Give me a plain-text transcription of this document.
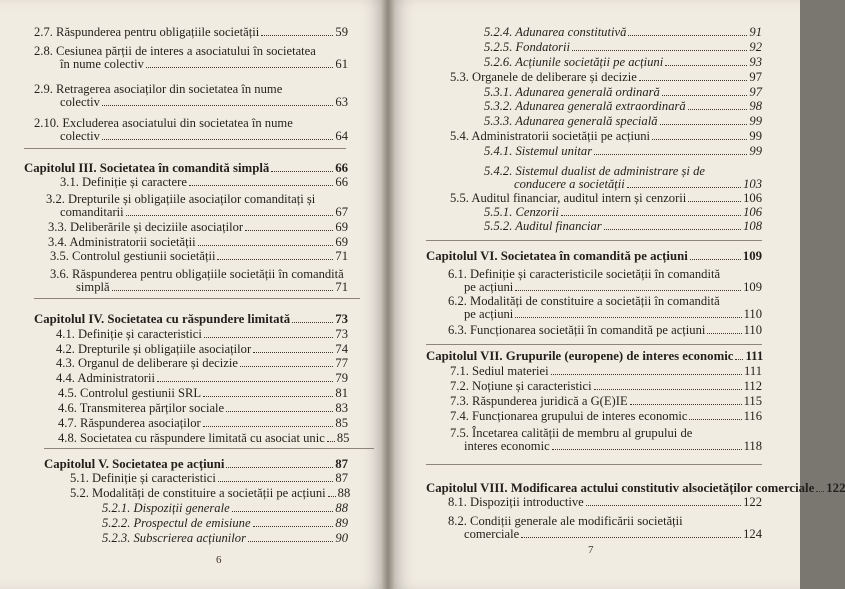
2.7. Răspunderea pentru obligațiile societății	59
2.8. Cesiunea părții de interes a asociatului în societatea
în nume colectiv	61
2.9. Retragerea asociaților din societatea în nume
colectiv	63
2.10. Excluderea asociatului din societatea în nume
colectiv	64
Capitolul III. Societatea în comandită simplă	66
3.1. Definiție și caractere	66
3.2. Drepturile și obligațiile asociaților comanditați și
comanditarii	67
3.3. Deliberările și deciziile asociaților	69
3.4. Administratorii societății	69
3.5. Controlul gestiunii societății	71
3.6. Răspunderea pentru obligațiile societății în comandită
simplă	71
Capitolul IV. Societatea cu răspundere limitată	73
4.1. Definiție și caracteristici	73
4.2. Drepturile și obligațiile asociaților	74
4.3. Organul de deliberare și decizie	77
4.4. Administratorii	79
4.5. Controlul gestiunii SRL	81
4.6. Transmiterea părților sociale	83
4.7. Răspunderea asociaților	85
4.8. Societatea cu răspundere limitată cu asociat unic 85
Capitolul V. Societatea pe acțiuni	87
5.1. Definiție și caracteristici	87
5.2. Modalități de constituire a societății pe acțiuni 88
5.2.1. Dispoziții generale	88
5.2.2. Prospectul de emisiune	89
5.2.3. Subscrierea acțiunilor	90
6
5.2.4. Adunarea constitutivă	91
5.2.5. Fondatorii	92
5.2.6. Acțiunile societății pe acțiuni	93
5.3. Organele de deliberare și decizie	97
5.3.1. Adunarea generală ordinară	97
5.3.2. Adunarea generală extraordinară	98
5.3.3. Adunarea generală specială	99
5.4. Administratorii societății pe acțiuni	99
5.4.1. Sistemul unitar	99
5.4.2. Sistemul dualist de administrare și de
conducere a societății	103
5.5. Auditul financiar, auditul intern și cenzorii	106
5.5.1. Cenzorii	106
5.5.2. Auditul financiar	108
Capitolul VI. Societatea în comandită pe acțiuni	109
6.1. Definiție și caracteristicile societății în comandită
pe acțiuni	109
6.2. Modalități de constituire a societății în comandită
pe acțiuni	110
6.3. Funcționarea societății în comandită pe acțiuni	110
Capitolul VII. Grupurile (europene) de interes economic 111
7.1. Sediul materiei	111
7.2. Noțiune și caracteristici	112
7.3. Răspunderea juridică a G(E)IE	115
7.4. Funcționarea grupului de interes economic	116
7.5. Încetarea calității de membru al grupului de
interes economic	118
Capitolul VIII. Modificarea actului constitutiv al societăților comerciale 122
8.1. Dispoziții introductive	122
8.2. Condiții generale ale modificării societății
comerciale	124
7
